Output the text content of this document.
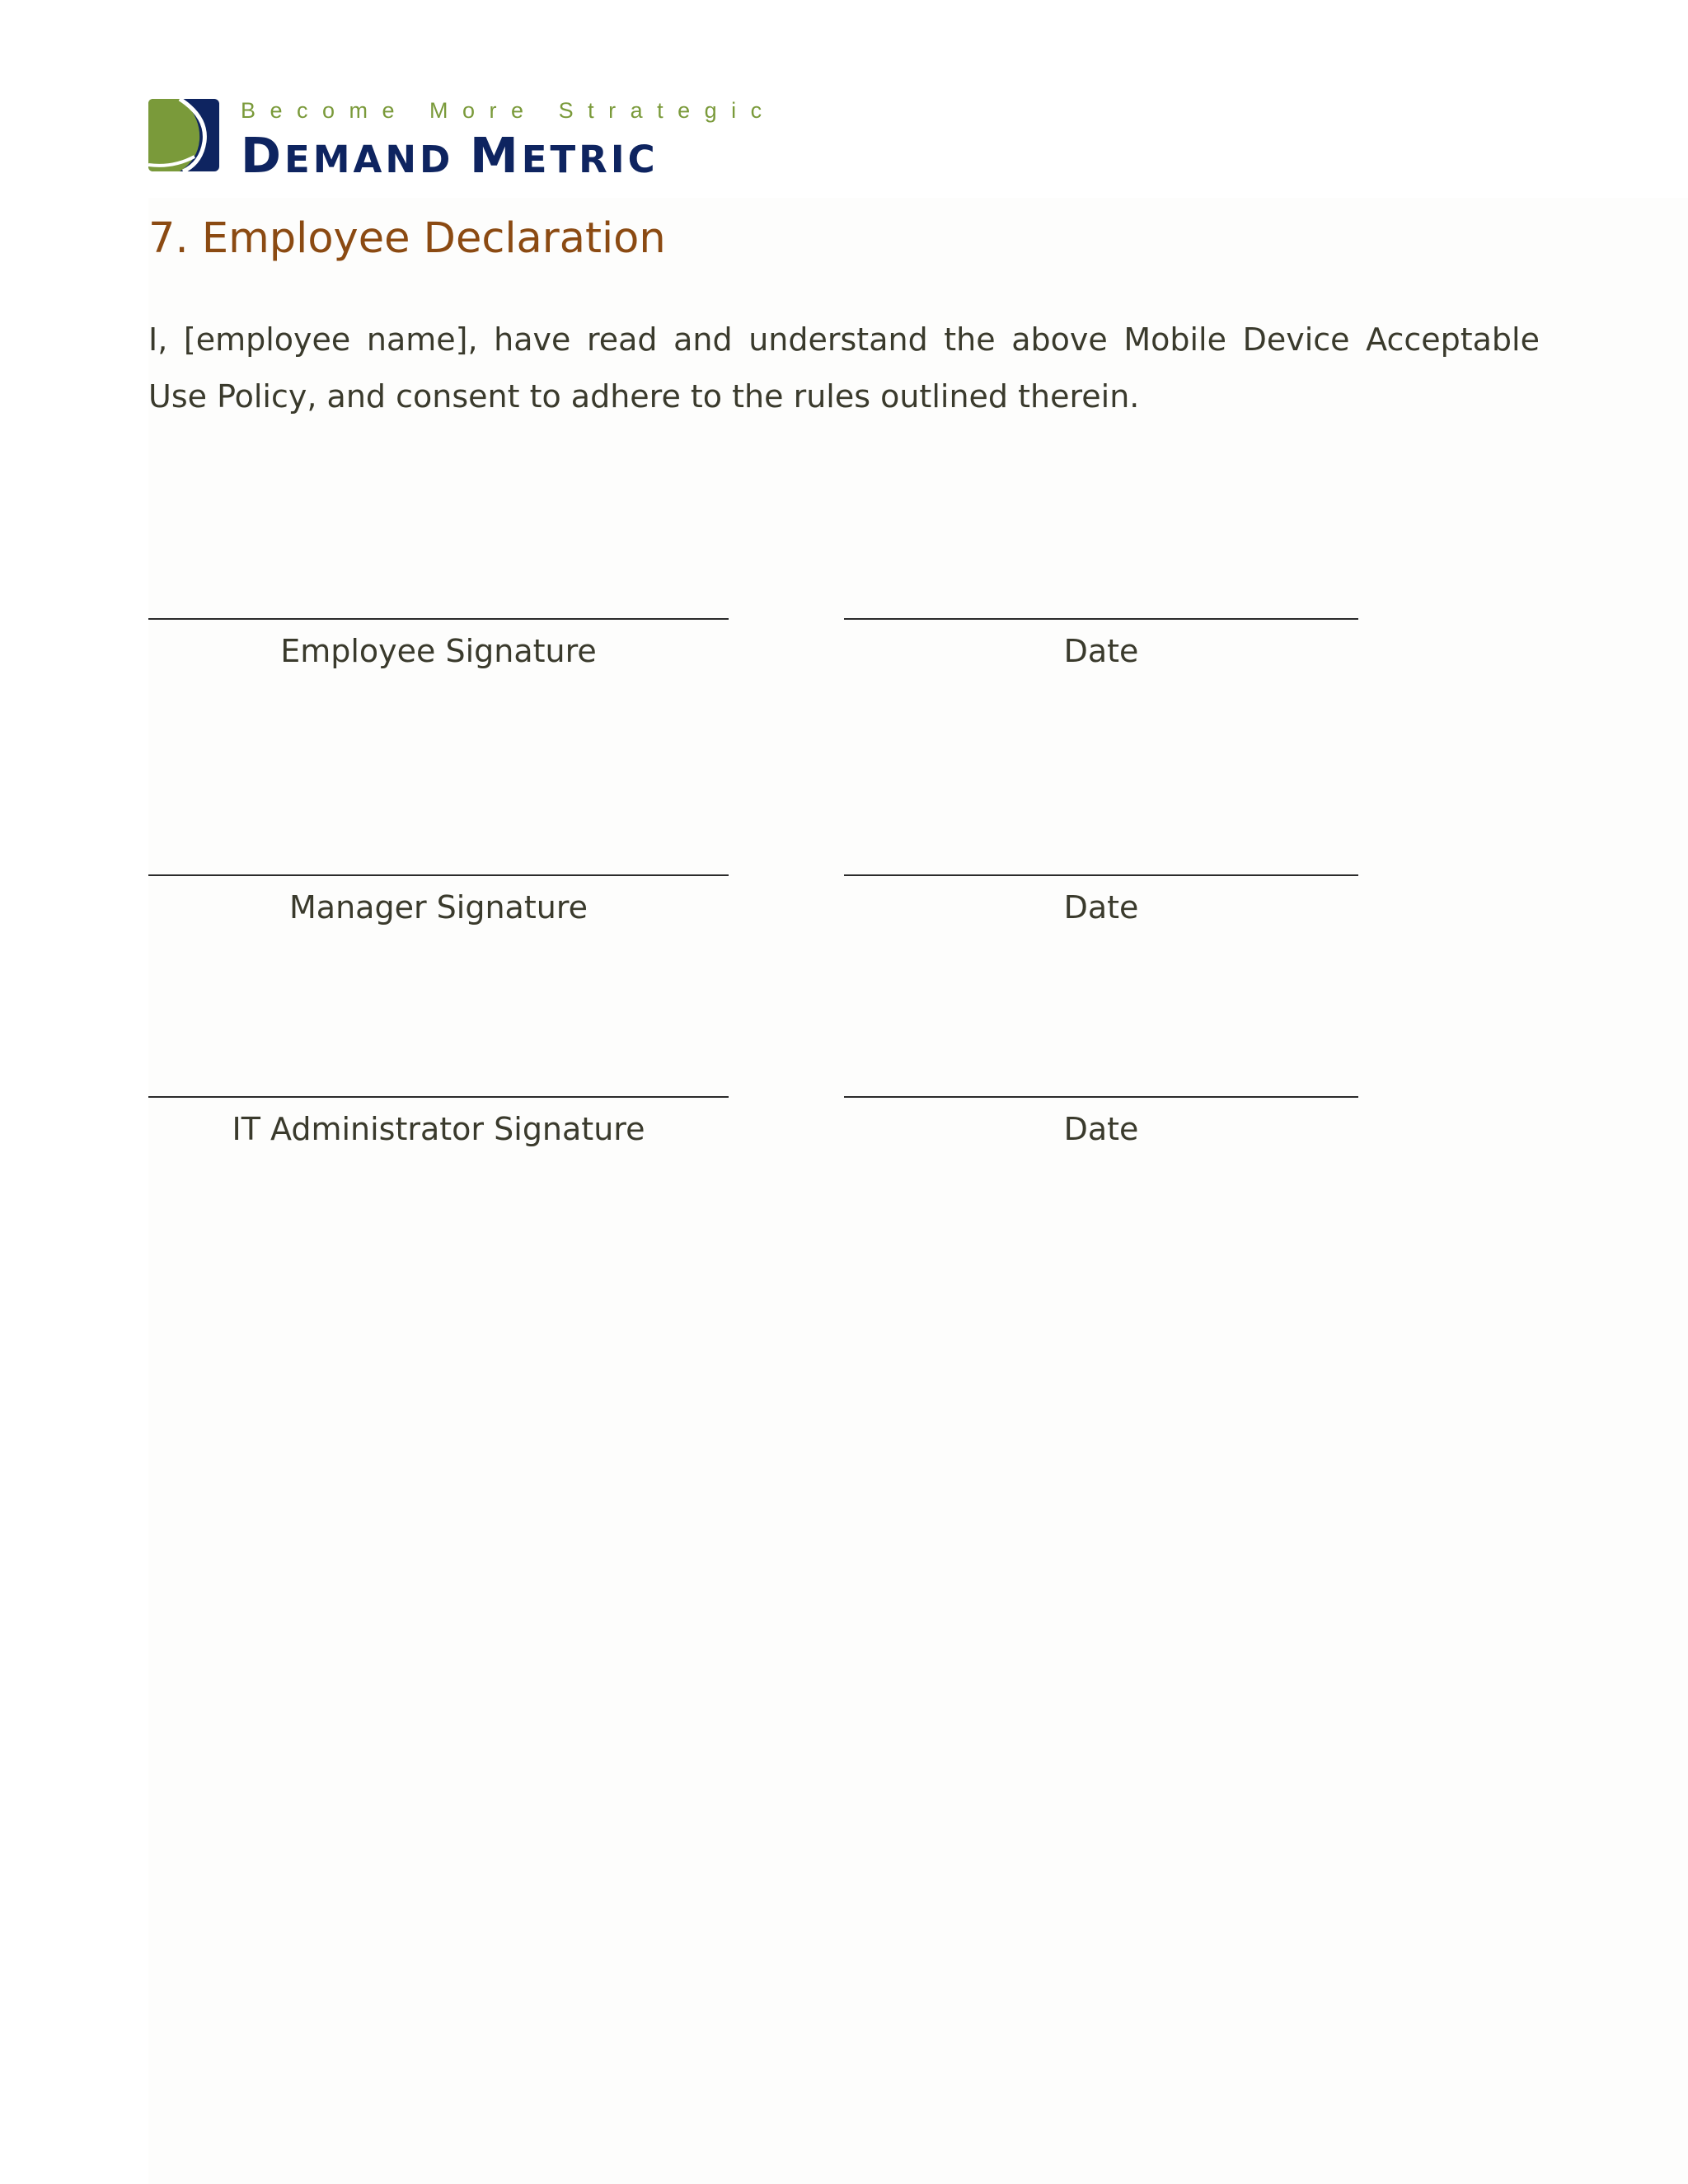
Become More Strategic
DEMAND METRIC
7. Employee Declaration

I, [employee name], have read and understand the above Mobile Device Acceptable Use Policy, and consent to adhere to the rules outlined therein.

Employee Signature	Date
Manager Signature	Date
IT Administrator Signature	Date
